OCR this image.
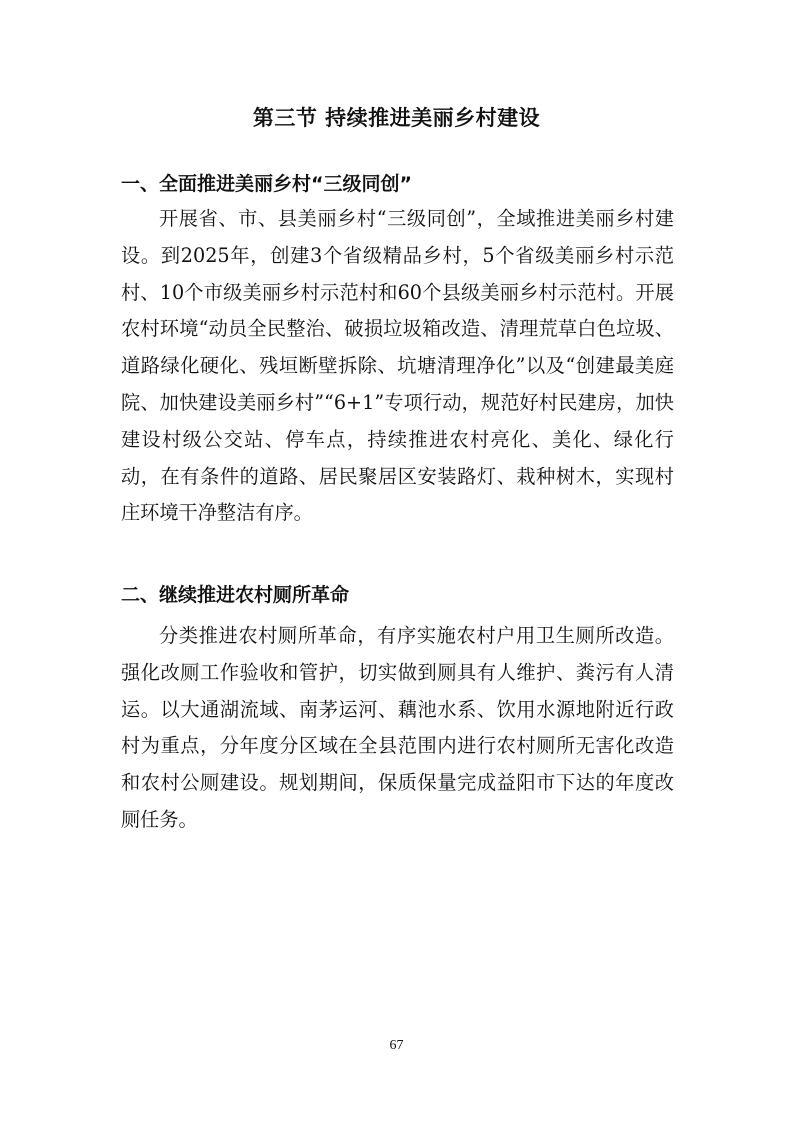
第三节 持续推进美丽乡村建设
一、全面推进美丽乡村“三级同创”

开展省、市、县美丽乡村“三级同创”，全域推进美丽乡村建设。到2025年，创建3个省级精品乡村，5个省级美丽乡村示范村、10个市级美丽乡村示范村和60个县级美丽乡村示范村。开展农村环境“动员全民整治、破损垃圾箱改造、清理荒草白色垃圾、道路绿化硬化、残垣断壁拆除、坑塘清理净化”以及“创建最美庭院、加快建设美丽乡村”“6+1”专项行动，规范好村民建房，加快建设村级公交站、停车点，持续推进农村亮化、美化、绿化行动，在有条件的道路、居民聚居区安装路灯、栽种树木，实现村庄环境干净整洁有序。

二、继续推进农村厕所革命

分类推进农村厕所革命，有序实施农村户用卫生厕所改造。强化改厕工作验收和管护，切实做到厕具有人维护、粪污有人清运。以大通湖流域、南茅运河、藕池水系、饮用水源地附近行政村为重点，分年度分区域在全县范围内进行农村厕所无害化改造和农村公厕建设。规划期间，保质保量完成益阳市下达的年度改厕任务。

67
